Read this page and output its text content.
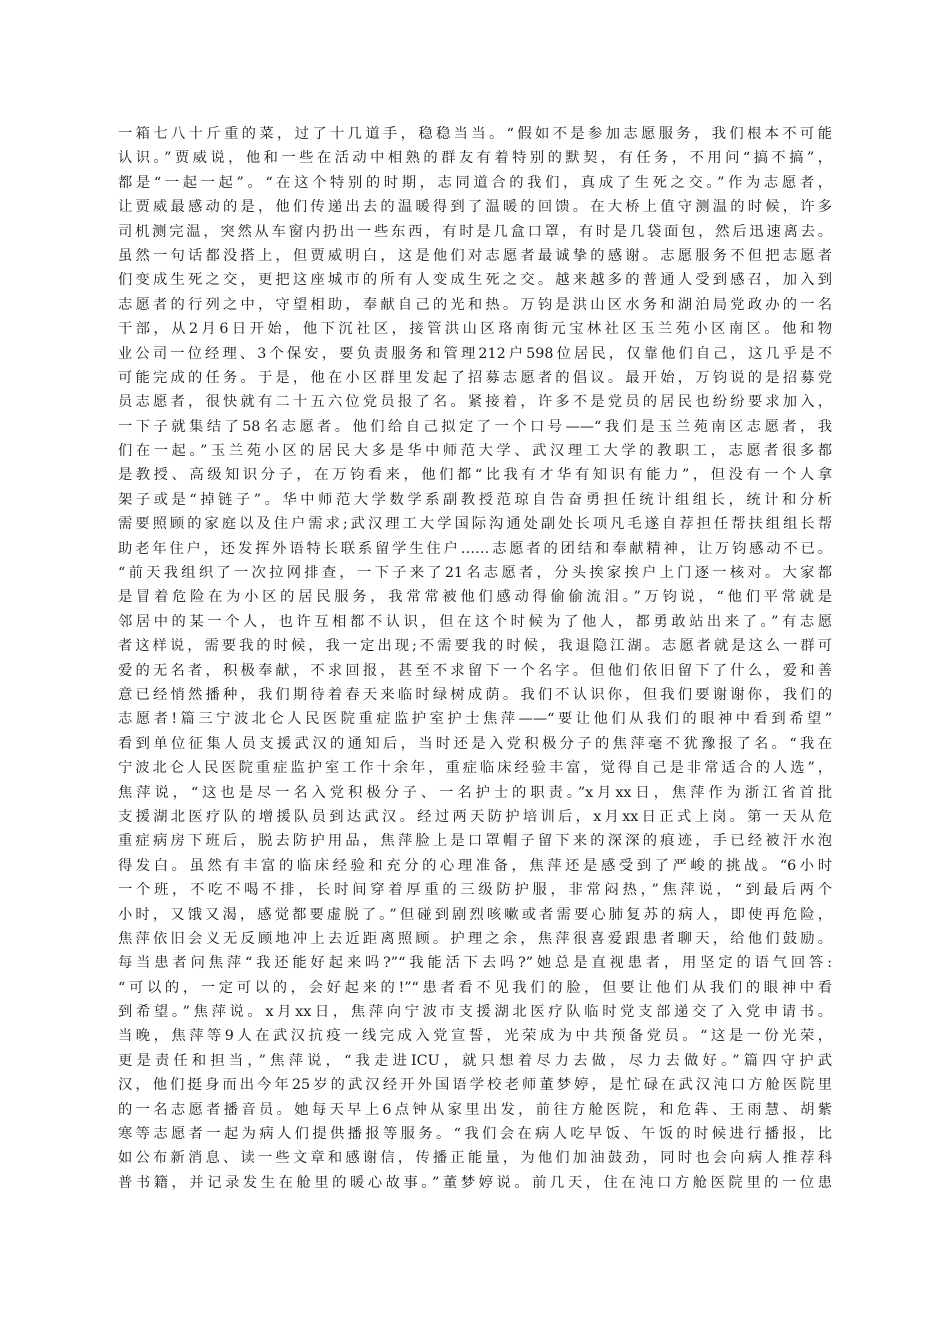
一箱七八十斤重的菜，过了十几道手，稳稳当当。“假如不是参加志愿服务，我们根本不可能
认识。”贾威说，他和一些在活动中相熟的群友有着特别的默契，有任务，不用问“搞不搞”，
都是“一起一起”。“在这个特别的时期，志同道合的我们，真成了生死之交。”作为志愿者，
让贾威最感动的是，他们传递出去的温暖得到了温暖的回馈。在大桥上值守测温的时候，许多
司机测完温，突然从车窗内扔出一些东西，有时是几盒口罩，有时是几袋面包，然后迅速离去。
虽然一句话都没搭上，但贾威明白，这是他们对志愿者最诚挚的感谢。志愿服务不但把志愿者
们变成生死之交，更把这座城市的所有人变成生死之交。越来越多的普通人受到感召，加入到
志愿者的行列之中，守望相助，奉献自己的光和热。万钧是洪山区水务和湖泊局党政办的一名
干部，从2月6日开始，他下沉社区，接管洪山区珞南街元宝林社区玉兰苑小区南区。他和物
业公司一位经理、3个保安，要负责服务和管理212户598位居民，仅靠他们自己，这几乎是不
可能完成的任务。于是，他在小区群里发起了招募志愿者的倡议。最开始，万钧说的是招募党
员志愿者，很快就有二十五六位党员报了名。紧接着，许多不是党员的居民也纷纷要求加入，
一下子就集结了58名志愿者。他们给自己拟定了一个口号——“我们是玉兰苑南区志愿者，我
们在一起。”玉兰苑小区的居民大多是华中师范大学、武汉理工大学的教职工，志愿者很多都
是教授、高级知识分子，在万钧看来，他们都“比我有才华有知识有能力”，但没有一个人拿
架子或是“掉链子”。华中师范大学数学系副教授范琼自告奋勇担任统计组组长，统计和分析
需要照顾的家庭以及住户需求;武汉理工大学国际沟通处副处长项凡毛遂自荐担任帮扶组组长帮
助老年住户，还发挥外语特长联系留学生住户……志愿者的团结和奉献精神，让万钧感动不已。
“前天我组织了一次拉网排查，一下子来了21名志愿者，分头挨家挨户上门逐一核对。大家都
是冒着危险在为小区的居民服务，我常常被他们感动得偷偷流泪。”万钧说，“他们平常就是
邻居中的某一个人，也许互相都不认识，但在这个时候为了他人，都勇敢站出来了。”有志愿
者这样说，需要我的时候，我一定出现;不需要我的时候，我退隐江湖。志愿者就是这么一群可
爱的无名者，积极奉献，不求回报，甚至不求留下一个名字。但他们依旧留下了什么，爱和善
意已经悄然播种，我们期待着春天来临时绿树成荫。我们不认识你，但我们要谢谢你，我们的
志愿者!篇三宁波北仑人民医院重症监护室护士焦萍——“要让他们从我们的眼神中看到希望”
看到单位征集人员支援武汉的通知后，当时还是入党积极分子的焦萍毫不犹豫报了名。“我在
宁波北仑人民医院重症监护室工作十余年，重症临床经验丰富，觉得自己是非常适合的人选”，
焦萍说，“这也是尽一名入党积极分子、一名护士的职责。”x月xx日，焦萍作为浙江省首批
支援湖北医疗队的增援队员到达武汉。经过两天防护培训后，x月xx日正式上岗。第一天从危
重症病房下班后，脱去防护用品，焦萍脸上是口罩帽子留下来的深深的痕迹，手已经被汗水泡
得发白。虽然有丰富的临床经验和充分的心理准备，焦萍还是感受到了严峻的挑战。“6小时
一个班，不吃不喝不排，长时间穿着厚重的三级防护服，非常闷热，”焦萍说，“到最后两个
小时，又饿又渴，感觉都要虚脱了。”但碰到剧烈咳嗽或者需要心肺复苏的病人，即使再危险，
焦萍依旧会义无反顾地冲上去近距离照顾。护理之余，焦萍很喜爱跟患者聊天，给他们鼓励。
每当患者问焦萍“我还能好起来吗?”“我能活下去吗?”她总是直视患者，用坚定的语气回答:
“可以的，一定可以的，会好起来的!”“患者看不见我们的脸，但要让他们从我们的眼神中看
到希望。”焦萍说。x月xx日，焦萍向宁波市支援湖北医疗队临时党支部递交了入党申请书。
当晚，焦萍等9人在武汉抗疫一线完成入党宣誓，光荣成为中共预备党员。“这是一份光荣，
更是责任和担当，”焦萍说，“我走进ICU，就只想着尽力去做，尽力去做好。”篇四守护武
汉，他们挺身而出今年25岁的武汉经开外国语学校老师董梦婷，是忙碌在武汉沌口方舱医院里
的一名志愿者播音员。她每天早上6点钟从家里出发，前往方舱医院，和危犇、王雨慧、胡紫
寒等志愿者一起为病人们提供播报等服务。“我们会在病人吃早饭、午饭的时候进行播报，比
如公布新消息、读一些文章和感谢信，传播正能量，为他们加油鼓劲，同时也会向病人推荐科
普书籍，并记录发生在舱里的暖心故事。”董梦婷说。前几天，住在沌口方舱医院里的一位患
